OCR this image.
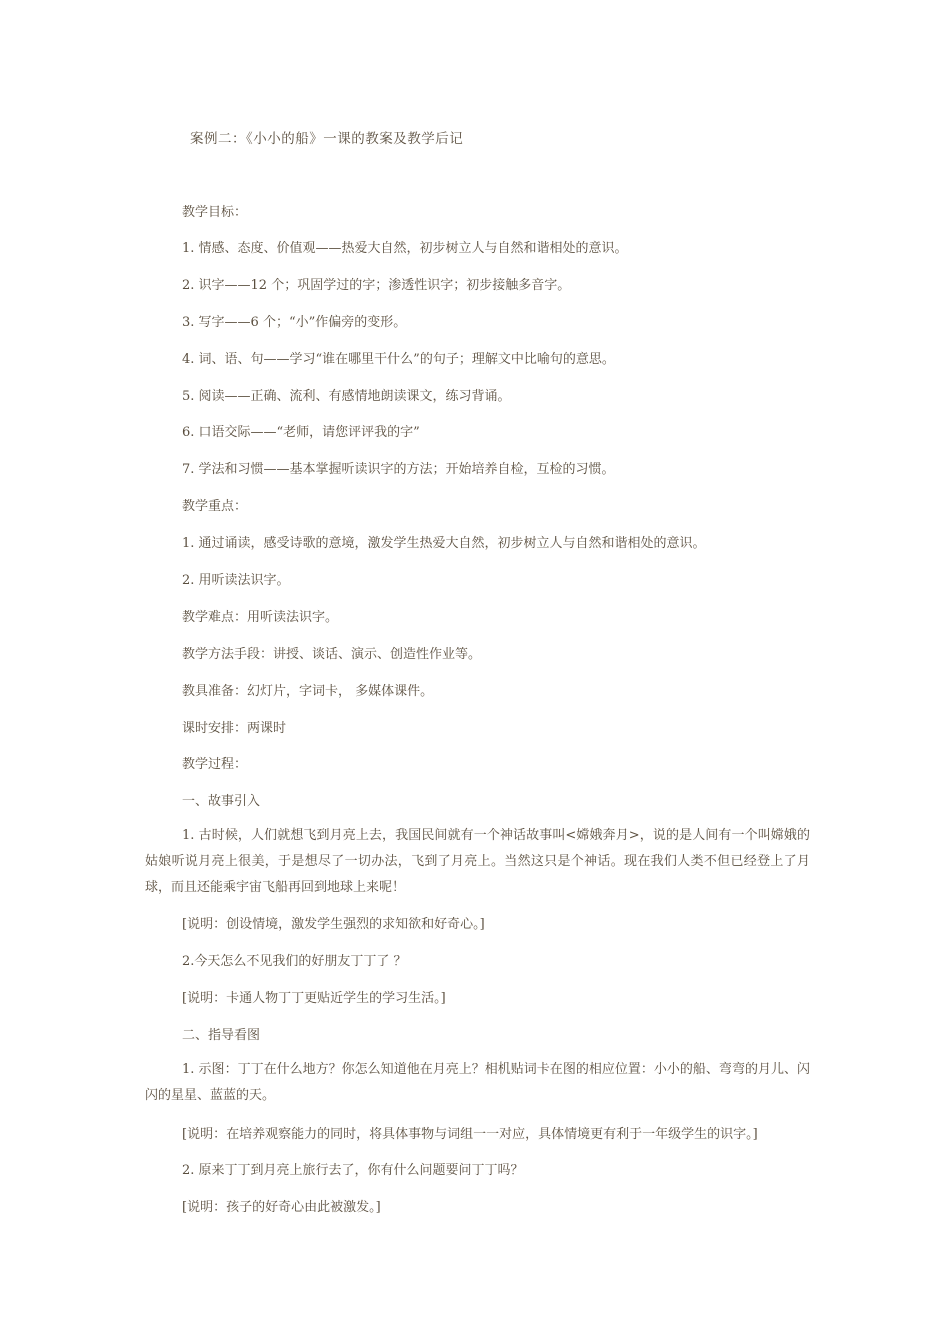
案例二：《小小的船》一课的教案及教学后记
教学目标：
1. 情感、态度、价值观——热爱大自然，初步树立人与自然和谐相处的意识。
2. 识字——12 个；巩固学过的字；渗透性识字；初步接触多音字。
3. 写字——6 个；“小”作偏旁的变形。
4. 词、语、句——学习“谁在哪里干什么”的句子；理解文中比喻句的意思。
5. 阅读——正确、流利、有感情地朗读课文，练习背诵。
6. 口语交际——“老师，请您评评我的字”
7. 学法和习惯——基本掌握听读识字的方法；开始培养自检，互检的习惯。
教学重点：
1. 通过诵读，感受诗歌的意境，激发学生热爱大自然，初步树立人与自然和谐相处的意识。
2. 用听读法识字。
教学难点：用听读法识字。
教学方法手段：讲授、谈话、演示、创造性作业等。
教具准备：幻灯片，字词卡， 多媒体课件。
课时安排：两课时
教学过程：
一、故事引入
1. 古时候，人们就想飞到月亮上去，我国民间就有一个神话故事叫<嫦娥奔月>，说的是人间有一个叫嫦娥的姑娘听说月亮上很美，于是想尽了一切办法，飞到了月亮上。当然这只是个神话。现在我们人类不但已经登上了月球，而且还能乘宇宙飞船再回到地球上来呢！
[说明：创设情境，激发学生强烈的求知欲和好奇心。]
2.今天怎么不见我们的好朋友丁丁了 ？
[说明：卡通人物丁丁更贴近学生的学习生活。]
二、指导看图
1. 示图：丁丁在什么地方？你怎么知道他在月亮上？相机贴词卡在图的相应位置：小小的船、弯弯的月儿、闪闪的星星、蓝蓝的天。
[说明：在培养观察能力的同时，将具体事物与词组一一对应，具体情境更有利于一年级学生的识字。]
2. 原来丁丁到月亮上旅行去了，你有什么问题要问丁丁吗？
[说明：孩子的好奇心由此被激发。]
